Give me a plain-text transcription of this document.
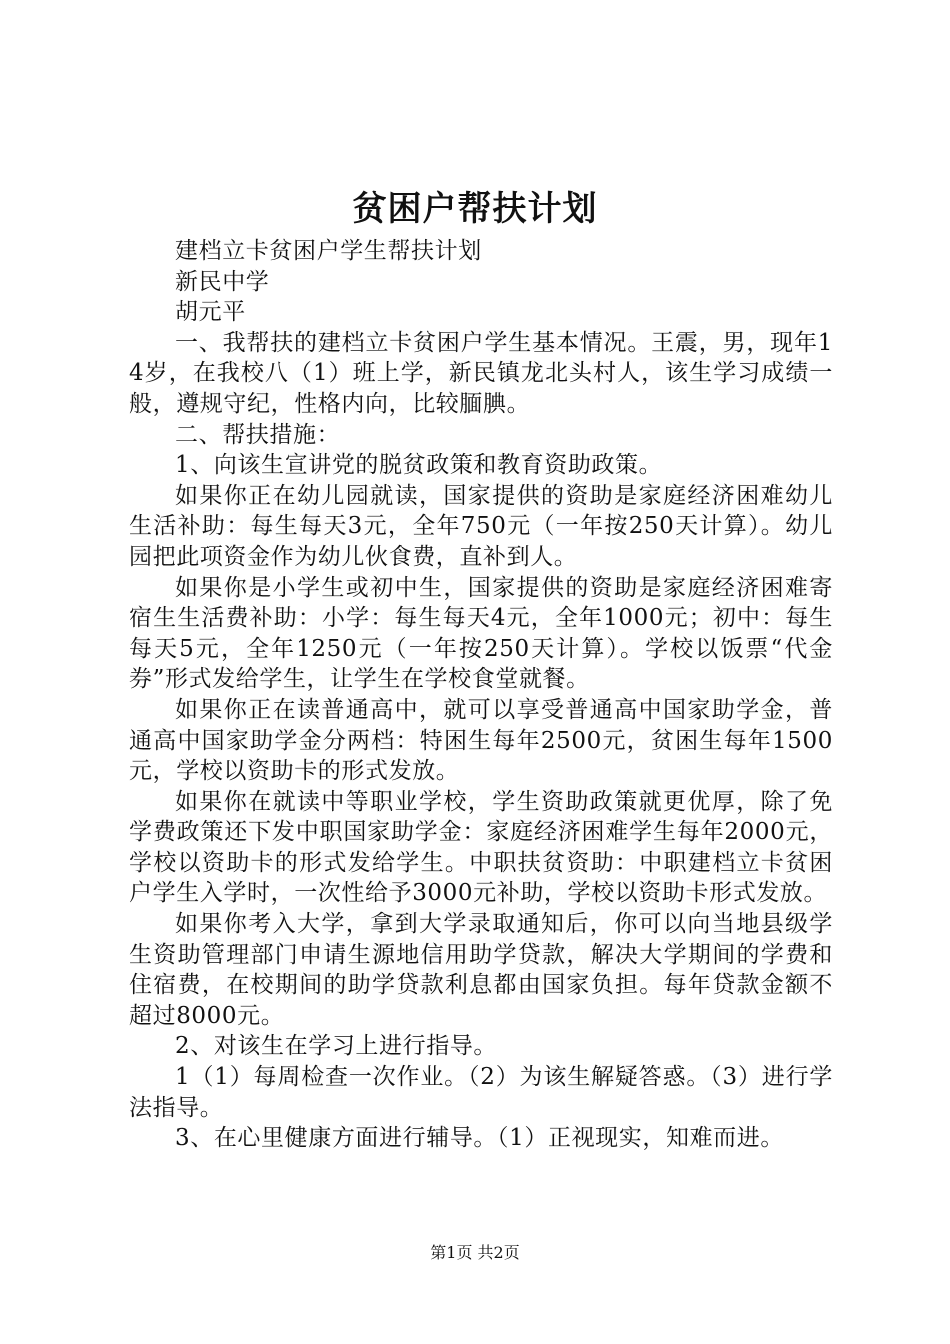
贫困户帮扶计划

建档立卡贫困户学生帮扶计划

新民中学

胡元平

一、我帮扶的建档立卡贫困户学生基本情况。王震，男，现年14岁，在我校八（1）班上学，新民镇龙北头村人，该生学习成绩一般，遵规守纪，性格内向，比较腼腆。

二、帮扶措施：

1、向该生宣讲党的脱贫政策和教育资助政策。

如果你正在幼儿园就读，国家提供的资助是家庭经济困难幼儿生活补助：每生每天3元，全年750元（一年按250天计算）。幼儿园把此项资金作为幼儿伙食费，直补到人。

如果你是小学生或初中生，国家提供的资助是家庭经济困难寄宿生生活费补助：小学：每生每天4元，全年1000元；初中：每生每天5元，全年1250元（一年按250天计算）。学校以饭票“代金券”形式发给学生，让学生在学校食堂就餐。

如果你正在读普通高中，就可以享受普通高中国家助学金，普通高中国家助学金分两档：特困生每年2500元，贫困生每年1500元，学校以资助卡的形式发放。

如果你在就读中等职业学校，学生资助政策就更优厚，除了免学费政策还下发中职国家助学金：家庭经济困难学生每年2000元，学校以资助卡的形式发给学生。中职扶贫资助：中职建档立卡贫困户学生入学时，一次性给予3000元补助，学校以资助卡形式发放。

如果你考入大学，拿到大学录取通知后，你可以向当地县级学生资助管理部门申请生源地信用助学贷款，解决大学期间的学费和住宿费，在校期间的助学贷款利息都由国家负担。每年贷款金额不超过8000元。

2、对该生在学习上进行指导。

1（1）每周检查一次作业。（2）为该生解疑答惑。（3）进行学法指导。

3、在心里健康方面进行辅导。（1）正视现实，知难而进。

第1页 共2页
